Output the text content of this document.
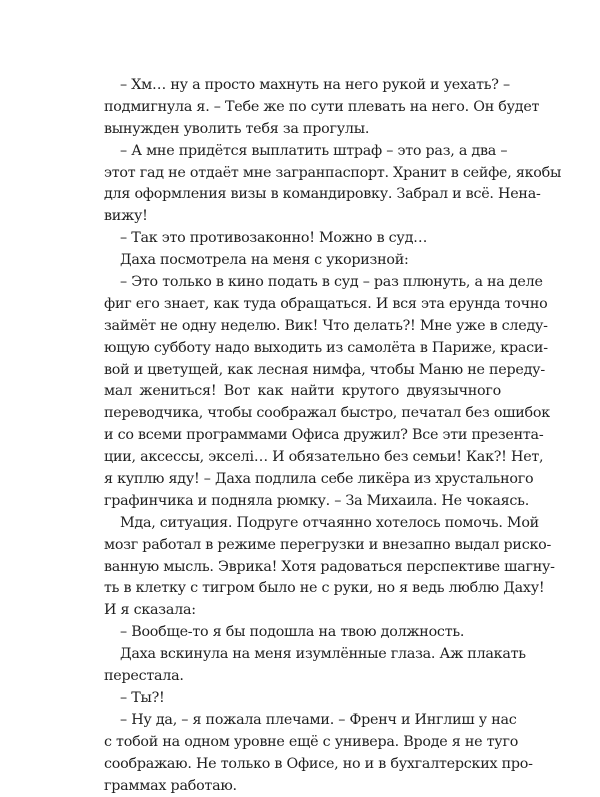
– Хм… ну а просто махнуть на него рукой и уехать? –
подмигнула я. – Тебе же по сути плевать на него. Он будет
вынужден уволить тебя за прогулы.
– А мне придётся выплатить штраф – это раз, а два –
этот гад не отдаёт мне загранпаспорт. Хранит в сейфе, якобы
для оформления визы в командировку. Забрал и всё. Нена-
вижу!
– Так это противозаконно! Можно в суд…
Даха посмотрела на меня с укоризной:
– Это только в кино подать в суд – раз плюнуть, а на деле
фиг его знает, как туда обращаться. И вся эта ерунда точно
займёт не одну неделю. Вик! Что делать?! Мне уже в следу-
ющую субботу надо выходить из самолёта в Париже, краси-
вой и цветущей, как лесная нимфа, чтобы Маню не переду-
мал жениться! Вот как найти крутого двуязычного
переводчика, чтобы соображал быстро, печатал без ошибок
и со всеми программами Офиса дружил? Все эти презента-
ции, аксессы, экселі… И обязательно без семьи! Как?! Нет,
я куплю яду! – Даха подлила себе ликёра из хрустального
графинчика и подняла рюмку. – За Михаила. Не чокаясь.
Мда, ситуация. Подруге отчаянно хотелось помочь. Мой
мозг работал в режиме перегрузки и внезапно выдал риско-
ванную мысль. Эврика! Хотя радоваться перспективе шагну-
ть в клетку с тигром было не с руки, но я ведь люблю Даху!
И я сказала:
– Вообще-то я бы подошла на твою должность.
Даха вскинула на меня изумлённые глаза. Аж плакать
перестала.
– Ты?!
– Ну да, – я пожала плечами. – Френч и Инглиш у нас
с тобой на одном уровне ещё с универа. Вроде я не туго
соображаю. Не только в Офисе, но и в бухгалтерских про-
граммах работаю.
